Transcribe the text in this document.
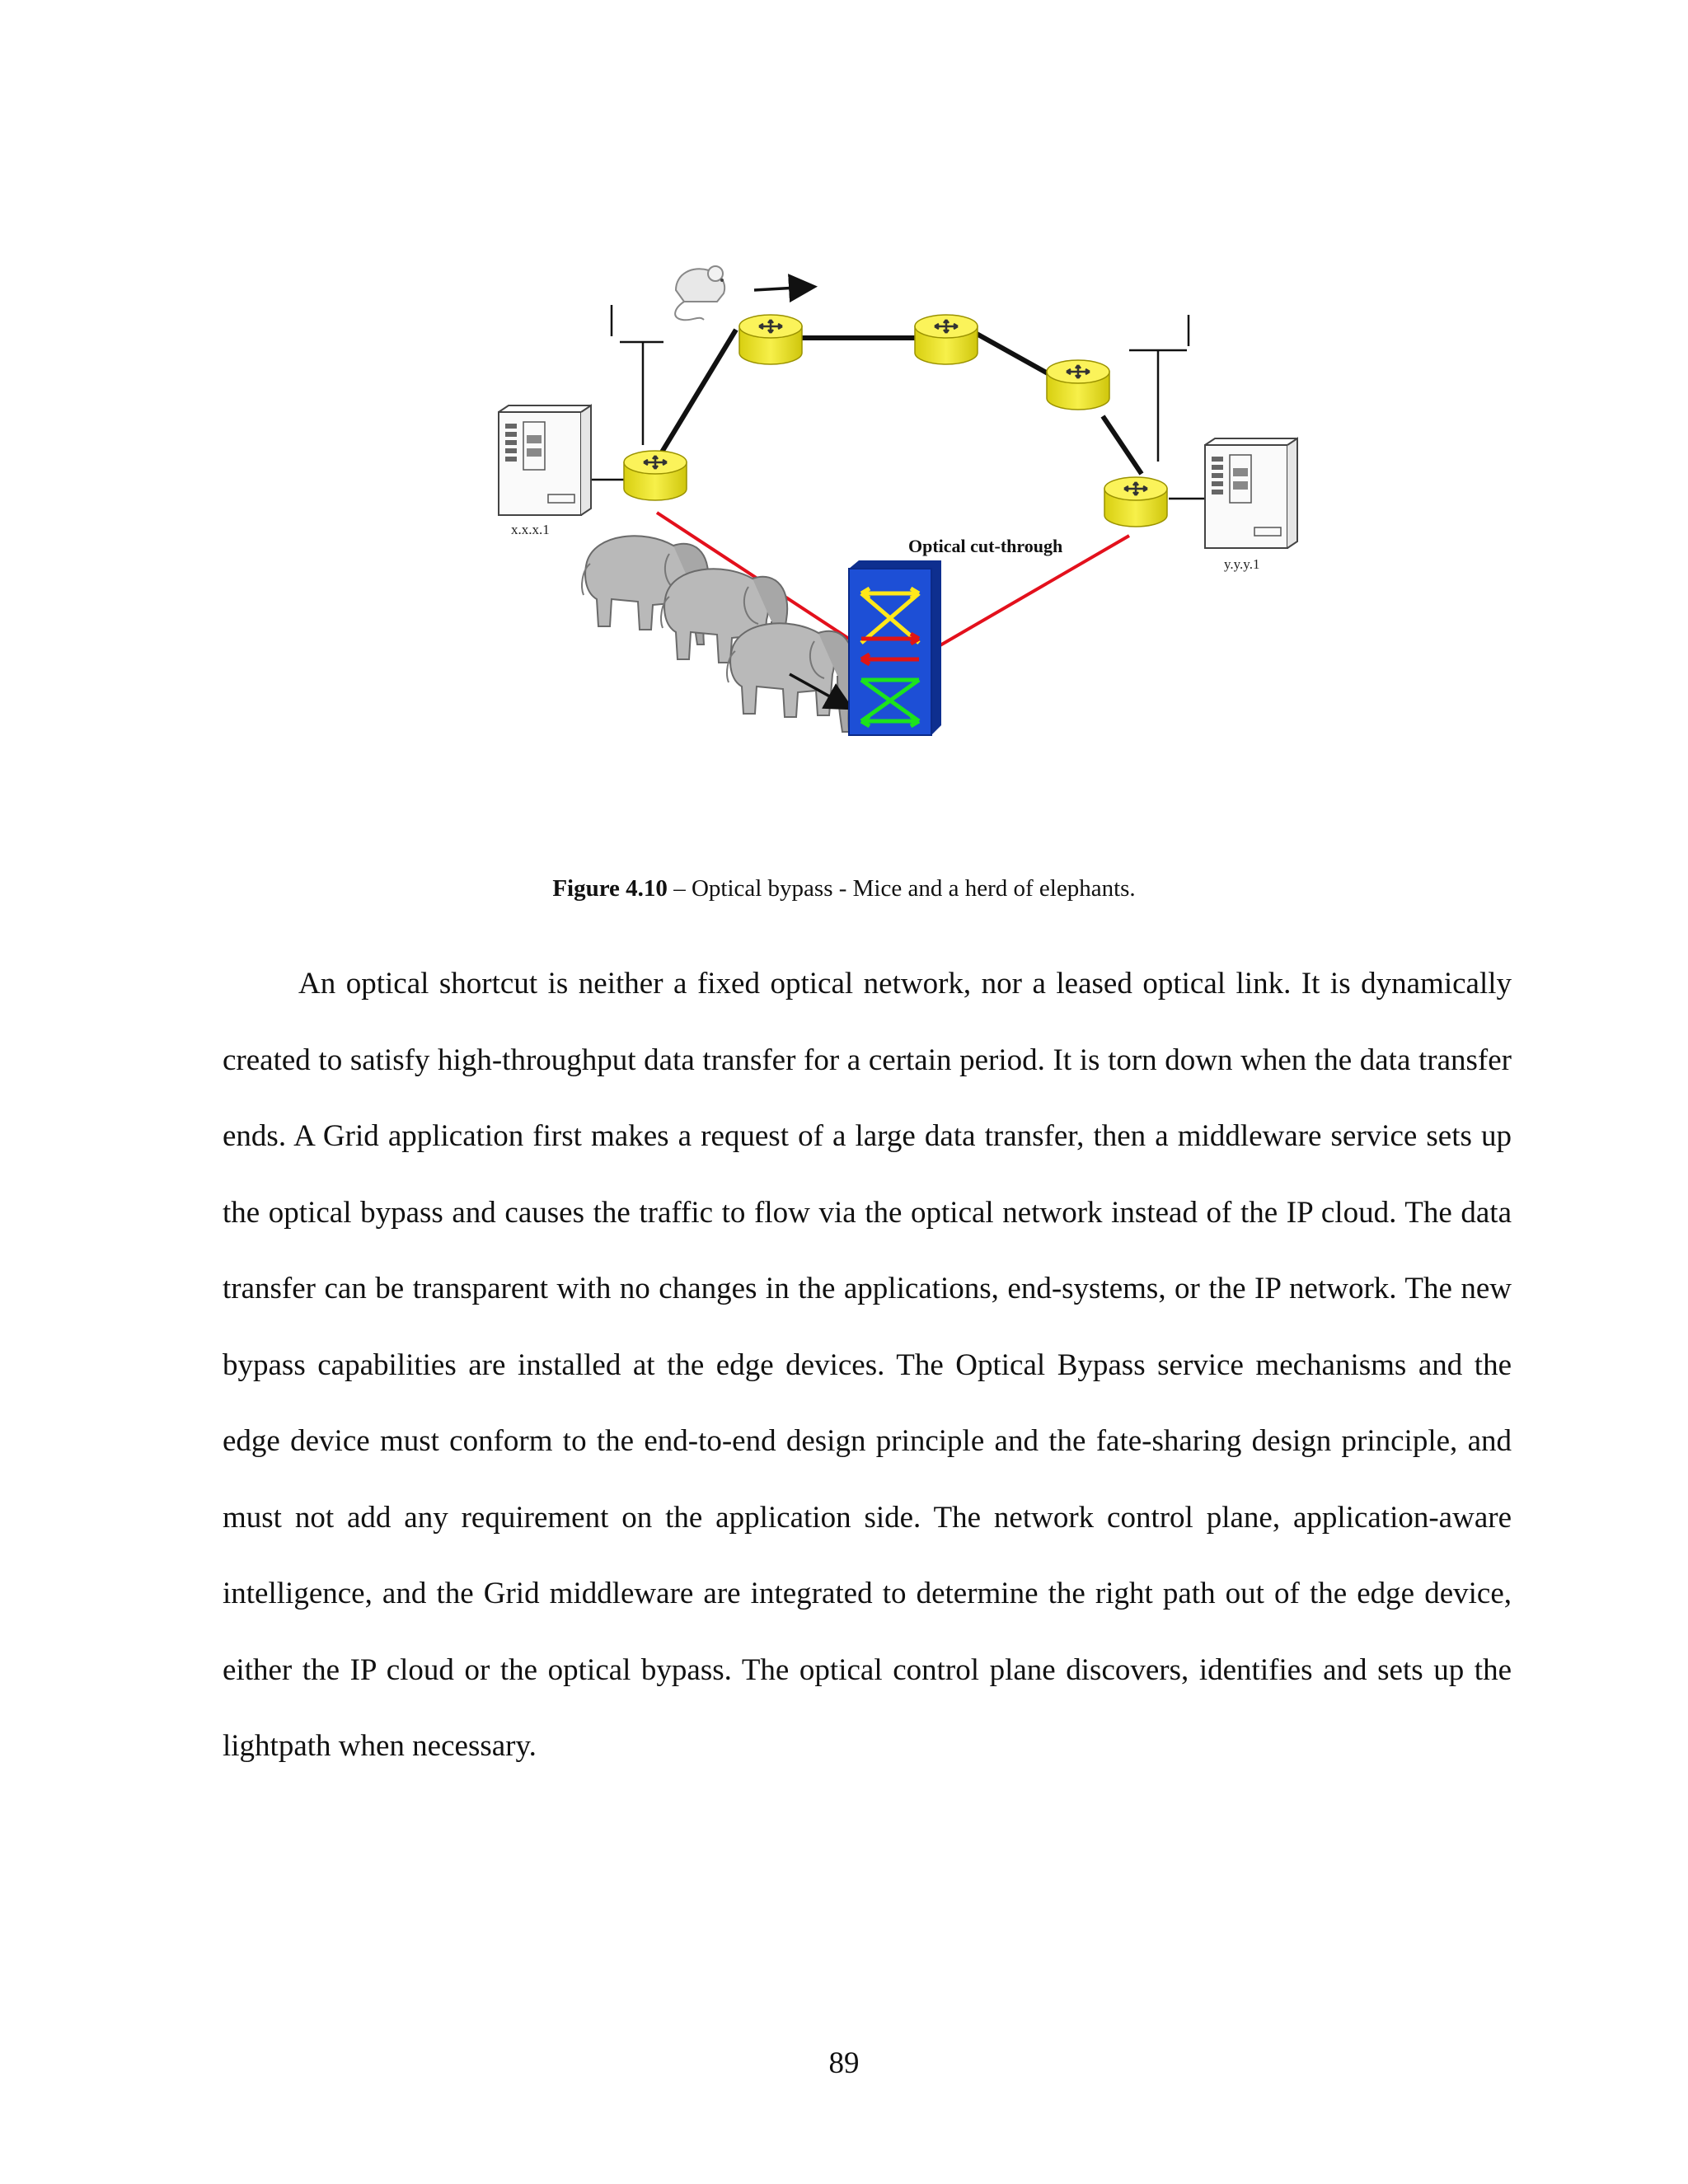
x.x.x.1
y.y.y.1
Optical cut-through
Figure 4.10 – Optical bypass - Mice and a herd of elephants.

An optical shortcut is neither a fixed optical network, nor a leased optical link. It is dynamically created to satisfy high-throughput data transfer for a certain period. It is torn down when the data transfer ends. A Grid application first makes a request of a large data transfer, then a middleware service sets up the optical bypass and causes the traffic to flow via the optical network instead of the IP cloud. The data transfer can be transparent with no changes in the applications, end-systems, or the IP network. The new bypass capabilities are installed at the edge devices. The Optical Bypass service mechanisms and the edge device must conform to the end-to-end design principle and the fate-sharing design principle, and must not add any requirement on the application side. The network control plane, application-aware intelligence, and the Grid middleware are integrated to determine the right path out of the edge device, either the IP cloud or the optical bypass. The optical control plane discovers, identifies and sets up the lightpath when necessary.

89
